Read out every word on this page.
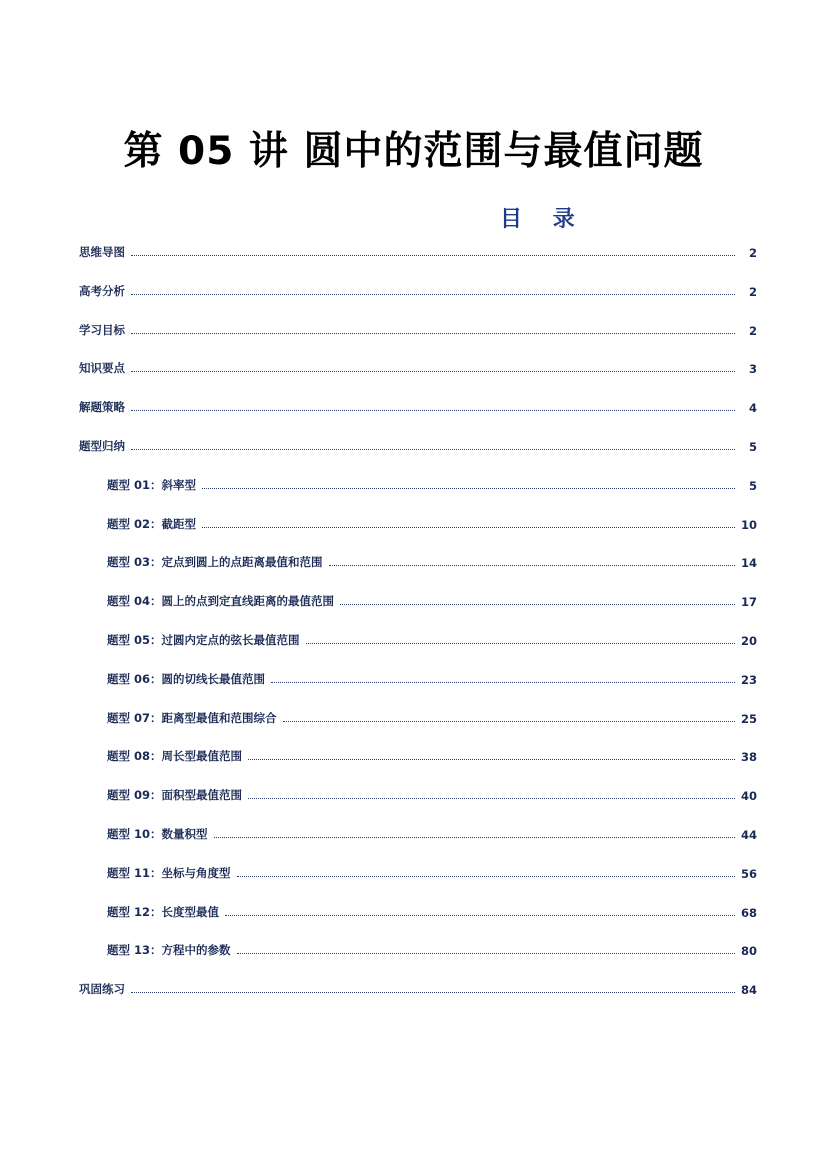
第 05 讲 圆中的范围与最值问题
目    录
思维导图	2
高考分析	2
学习目标	2
知识要点	3
解题策略	4
题型归纳	5
题型 01：斜率型	5
题型 02：截距型	10
题型 03：定点到圆上的点距离最值和范围	14
题型 04：圆上的点到定直线距离的最值范围	17
题型 05：过圆内定点的弦长最值范围	20
题型 06：圆的切线长最值范围	23
题型 07：距离型最值和范围综合	25
题型 08：周长型最值范围	38
题型 09：面积型最值范围	40
题型 10：数量积型	44
题型 11：坐标与角度型	56
题型 12：长度型最值	68
题型 13：方程中的参数	80
巩固练习	84
